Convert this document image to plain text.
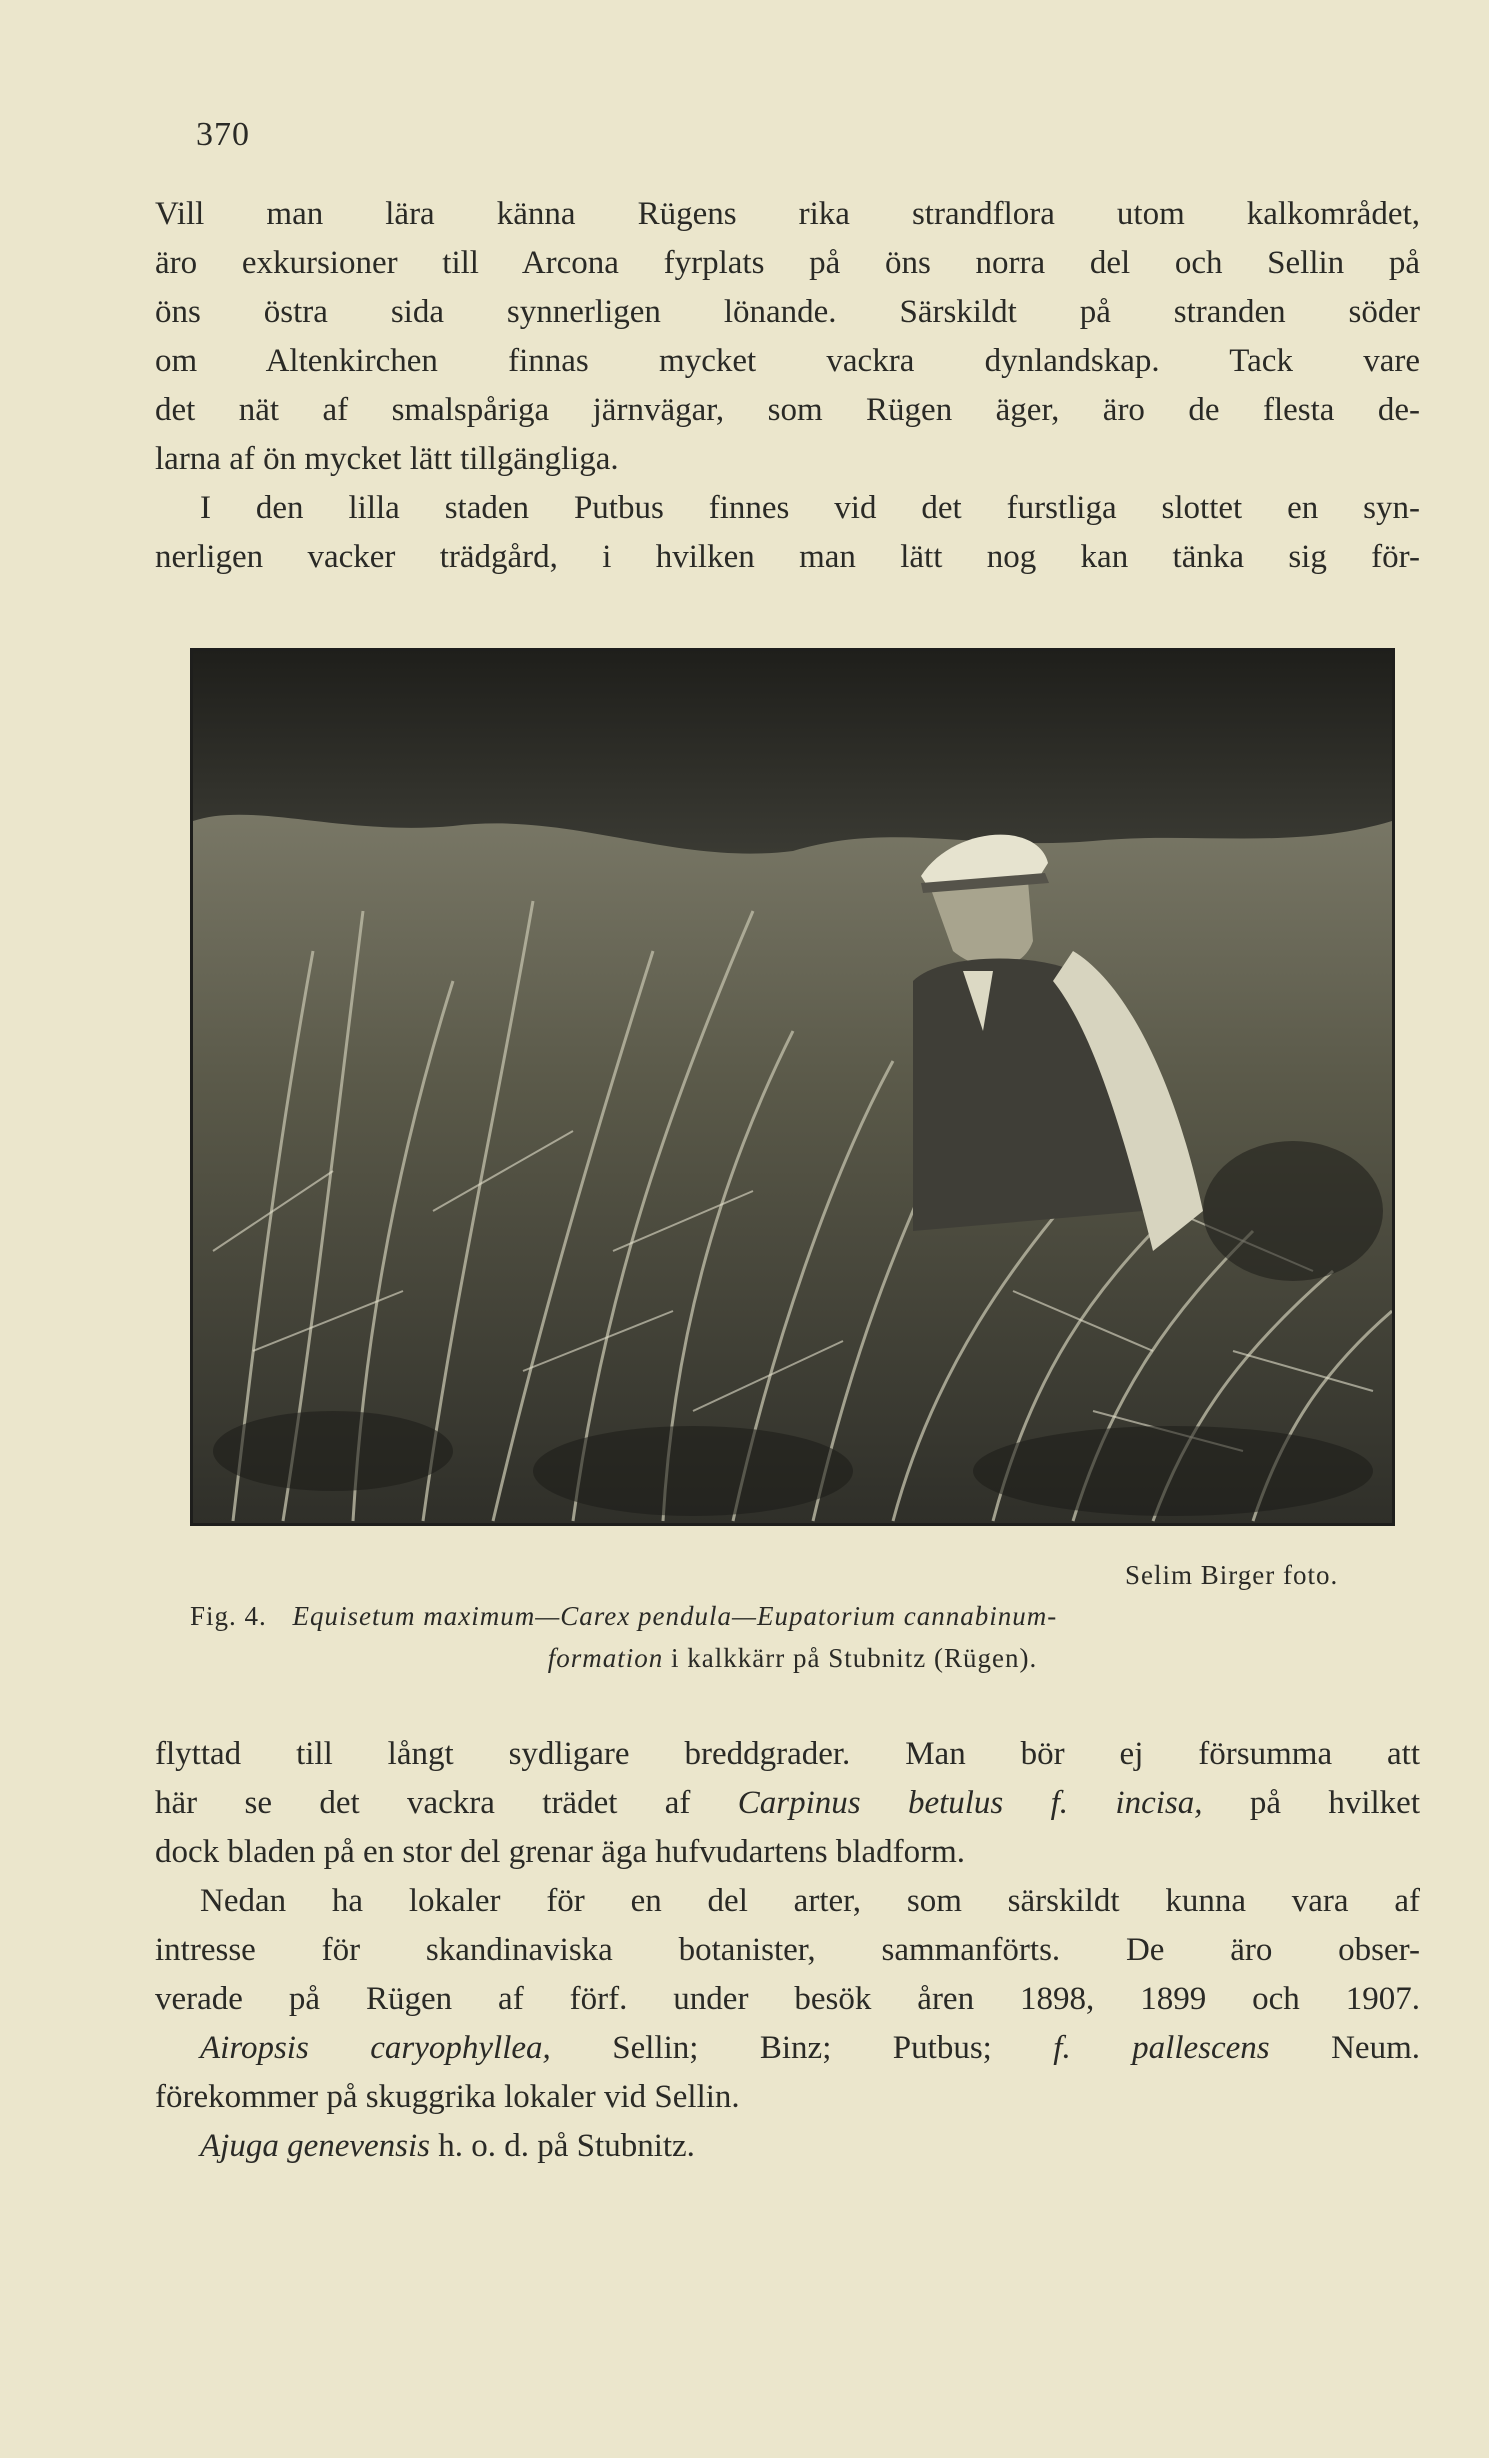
370
Vill man lära känna Rügens rika strandflora utom kalkområdet,
äro exkursioner till Arcona fyrplats på öns norra del och Sellin på
öns östra sida synnerligen lönande. Särskildt på stranden söder
om Altenkirchen finnas mycket vackra dynlandskap. Tack vare
det nät af smalspåriga järnvägar, som Rügen äger, äro de flesta de-
larna af ön mycket lätt tillgängliga.
I den lilla staden Putbus finnes vid det furstliga slottet en syn-
nerligen vacker trädgård, i hvilken man lätt nog kan tänka sig för-
Selim Birger foto.
Fig. 4. Equisetum maximum—Carex pendula—Eupatorium cannabinum-
formation i kalkkärr på Stubnitz (Rügen).
flyttad till långt sydligare breddgrader. Man bör ej försumma att
här se det vackra trädet af Carpinus betulus f. incisa, på hvilket
dock bladen på en stor del grenar äga hufvudartens bladform.
Nedan ha lokaler för en del arter, som särskildt kunna vara af
intresse för skandinaviska botanister, sammanförts. De äro obser-
verade på Rügen af förf. under besök åren 1898, 1899 och 1907.
Airopsis caryophyllea, Sellin; Binz; Putbus; f. pallescens Neum.
förekommer på skuggrika lokaler vid Sellin.
Ajuga genevensis h. o. d. på Stubnitz.
